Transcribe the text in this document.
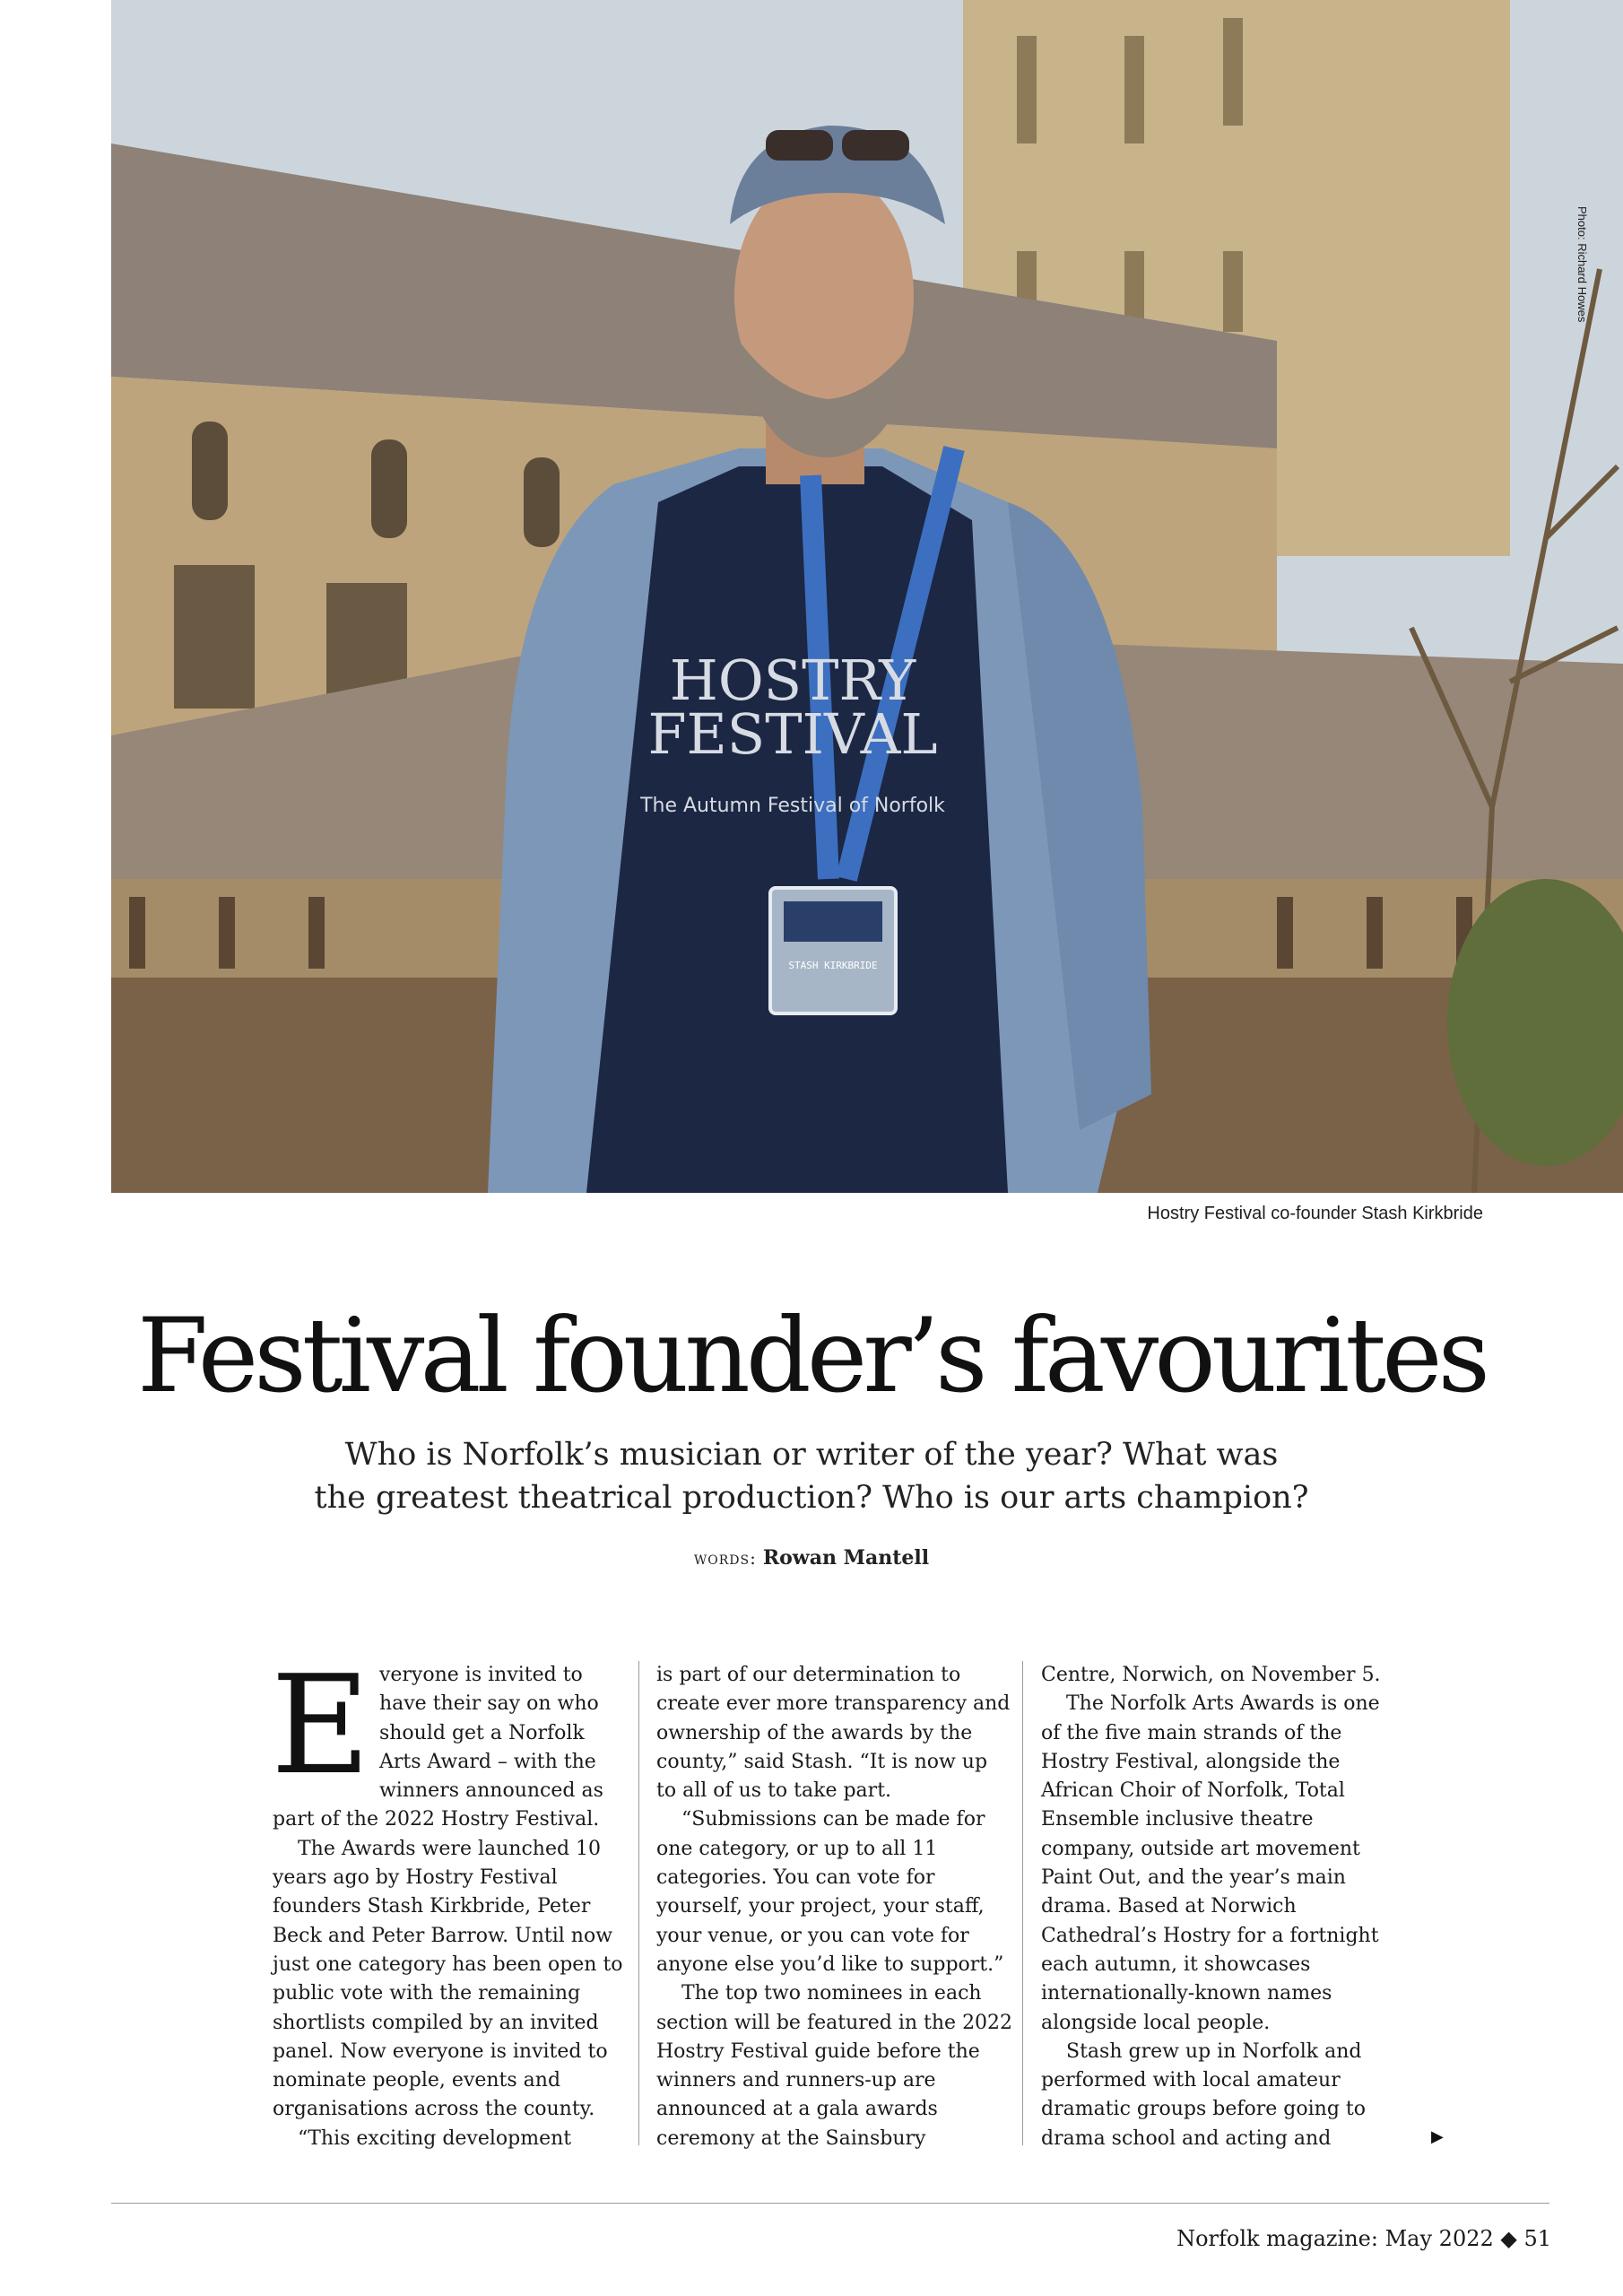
STASH KIRKBRIDE
HOSTRY
FESTIVAL
The Autumn Festival of Norfolk
Photo: Richard Howes
Hostry Festival co-founder Stash Kirkbride
Festival founder’s favourites
Who is Norfolk’s musician or writer of the year? What was
the greatest theatrical production? Who is our arts champion?
words: Rowan Mantell

Everyone is invited to have their say on who should get a Norfolk Arts Award – with the winners announced as part of the 2022 Hostry Festival.

The Awards were launched 10 years ago by Hostry Festival founders Stash Kirkbride, Peter Beck and Peter Barrow. Until now just one category has been open to public vote with the remaining shortlists compiled by an invited panel. Now everyone is invited to nominate people, events and organisations across the county.

“This exciting development

is part of our determination to create ever more transparency and ownership of the awards by the county,” said Stash. “It is now up to all of us to take part.

“Submissions can be made for one category, or up to all 11 categories. You can vote for yourself, your project, your staff, your venue, or you can vote for anyone else you’d like to support.”

The top two nominees in each section will be featured in the 2022 Hostry Festival guide before the winners and runners-up are announced at a gala awards ceremony at the Sainsbury

Centre, Norwich, on November 5.

The Norfolk Arts Awards is one of the five main strands of the Hostry Festival, alongside the African Choir of Norfolk, Total Ensemble inclusive theatre company, outside art movement Paint Out, and the year’s main drama. Based at Norwich Cathedral’s Hostry for a fortnight each autumn, it showcases internationally-known names alongside local people.

Stash grew up in Norfolk and performed with local amateur dramatic groups before going to drama school and acting and	▶
Norfolk magazine: May 2022 ◆ 51
